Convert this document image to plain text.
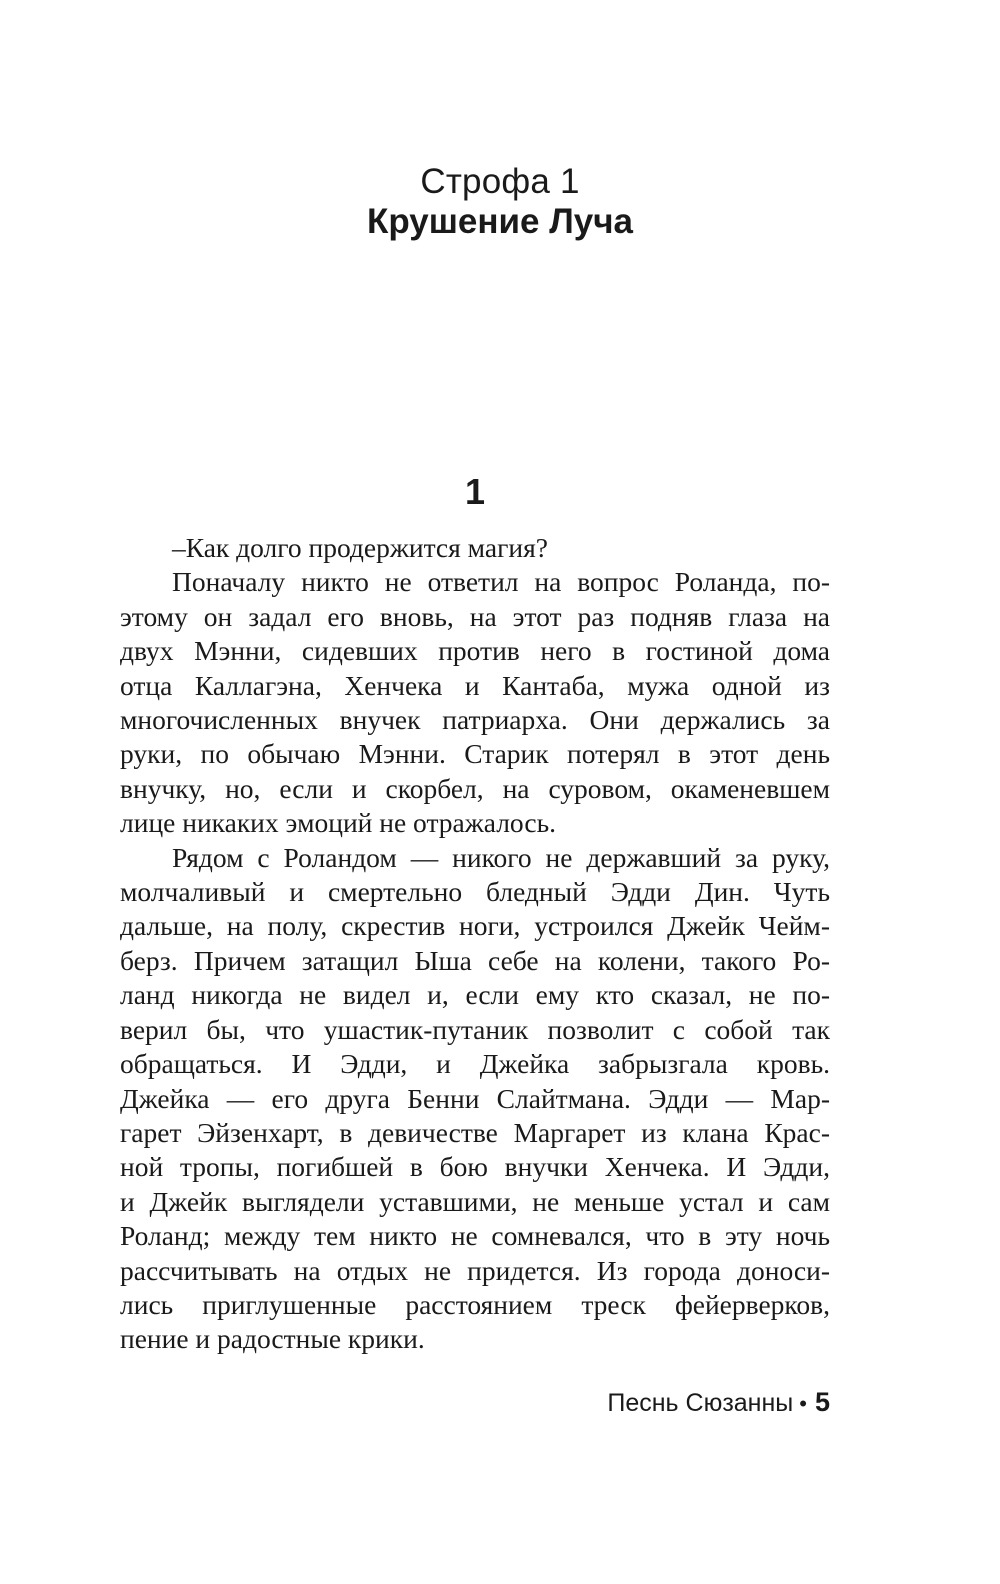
Строфа 1
Крушение Луча
1

–Как долго продержится магия?

Поначалу никто не ответил на вопрос Роланда, по-
этому он задал его вновь, на этот раз подняв глаза на
двух Мэнни, сидевших против него в гостиной дома
отца Каллагэна, Хенчека и Кантаба, мужа одной из
многочисленных внучек патриарха. Они держались за
руки, по обычаю Мэнни. Старик потерял в этот день
внучку, но, если и скорбел, на суровом, окаменевшем
лице никаких эмоций не отражалось.

Рядом с Роландом — никого не державший за руку,
молчаливый и смертельно бледный Эдди Дин. Чуть
дальше, на полу, скрестив ноги, устроился Джейк Чейм-
берз. Причем затащил Ыша себе на колени, такого Ро-
ланд никогда не видел и, если ему кто сказал, не по-
верил бы, что ушастик-путаник позволит с собой так
обращаться. И Эдди, и Джейка забрызгала кровь.
Джейка — его друга Бенни Слайтмана. Эдди — Мар-
гарет Эйзенхарт, в девичестве Маргарет из клана Крас-
ной тропы, погибшей в бою внучки Хенчека. И Эдди,
и Джейк выглядели уставшими, не меньше устал и сам
Роланд; между тем никто не сомневался, что в эту ночь
рассчитывать на отдых не придется. Из города доноси-
лись приглушенные расстоянием треск фейерверков,
пение и радостные крики.

Песнь Сюзанны • 5
